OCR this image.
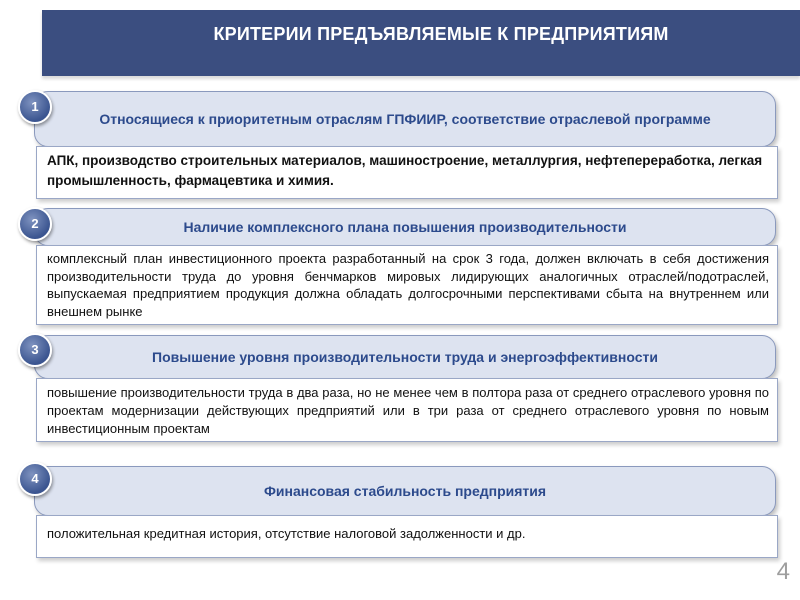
КРИТЕРИИ ПРЕДЪЯВЛЯЕМЫЕ К ПРЕДПРИЯТИЯМ
1
Относящиеся к приоритетным отраслям ГПФИИР, соответствие отраслевой программе
АПК, производство строительных материалов, машиностроение, металлургия, нефтепереработка, легкая промышленность, фармацевтика и химия.
2	Наличие комплексного плана повышения производительности
комплексный план инвестиционного проекта разработанный на срок 3 года, должен включать в себя достижения производительности труда до уровня бенчмарков мировых лидирующих аналогичных отраслей/подотраслей, выпускаемая предприятием продукция должна обладать долгосрочными перспективами сбыта на внутреннем или внешнем рынке
3	Повышение уровня производительности труда и энергоэффективности
повышение производительности труда в два раза, но не менее чем в полтора раза от среднего отраслевого уровня по проектам модернизации действующих предприятий или в три раза от среднего отраслевого уровня по новым инвестиционным проектам
4
Финансовая стабильность предприятия
положительная кредитная история, отсутствие налоговой задолженности и др.
4
